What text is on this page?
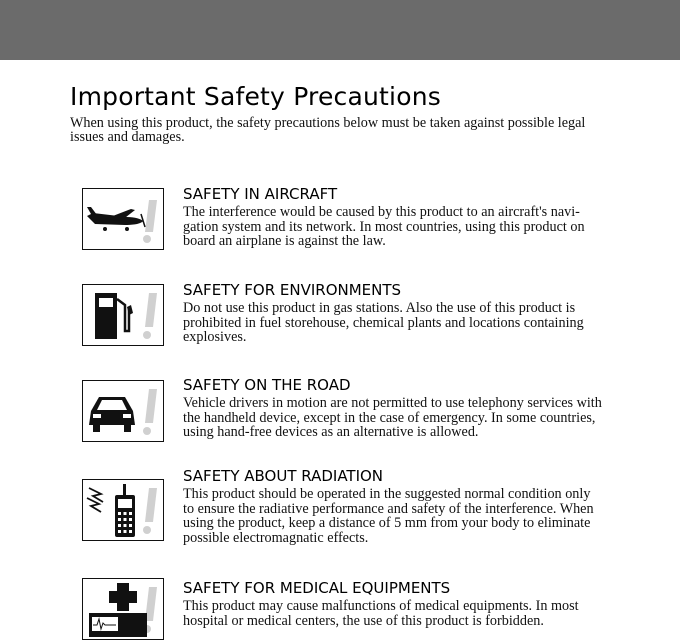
Important Safety Precautions

When using this product, the safety precautions below must be taken against possible legal issues and damages.

SAFETY IN AIRCRAFT

The interference would be caused by this product to an aircraft's navi-gation system and its network. In most countries, using this product on board an airplane is against the law.

SAFETY FOR ENVIRONMENTS

Do not use this product in gas stations. Also the use of this product is prohibited in fuel storehouse, chemical plants and locations containing explosives.

SAFETY ON THE ROAD

Vehicle drivers in motion are not permitted to use telephony services with the handheld device, except in the case of emergency. In some countries, using hand-free devices as an alternative is allowed.

SAFETY ABOUT RADIATION

This product should be operated in the suggested normal condition only to ensure the radiative performance and safety of the interference. When using the product, keep a distance of 5 mm from your body to eliminate possible electromagnatic effects.

SAFETY FOR MEDICAL EQUIPMENTS

This product may cause malfunctions of medical equipments. In most hospital or medical centers, the use of this product is forbidden.
